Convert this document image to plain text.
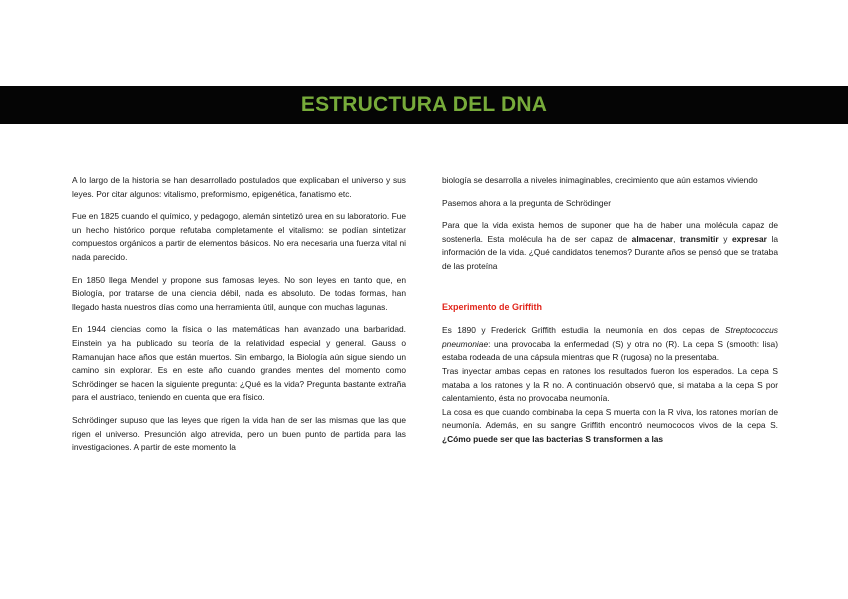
ESTRUCTURA DEL DNA

A lo largo de la historia se han desarrollado postulados que explicaban el universo y sus leyes. Por citar algunos: vitalismo, preformismo, epigenética, fanatismo etc.

Fue en 1825 cuando el químico, y pedagogo, alemán sintetizó urea en su laboratorio. Fue un hecho histórico porque refutaba completamente el vitalismo: se podían sintetizar compuestos orgánicos a partir de elementos básicos. No era necesaria una fuerza vital ni nada parecido.

En 1850 llega Mendel y propone sus famosas leyes. No son leyes en tanto que, en Biología, por tratarse de una ciencia débil, nada es absoluto. De todas formas, han llegado hasta nuestros días como una herramienta útil, aunque con muchas lagunas.

En 1944 ciencias como la física o las matemáticas han avanzado una barbaridad. Einstein ya ha publicado su teoría de la relatividad especial y general. Gauss o Ramanujan hace años que están muertos. Sin embargo, la Biología aún sigue siendo un camino sin explorar. Es en este año cuando grandes mentes del momento como Schrödinger se hacen la siguiente pregunta: ¿Qué es la vida? Pregunta bastante extraña para el austriaco, teniendo en cuenta que era físico.

Schrödinger supuso que las leyes que rigen la vida han de ser las mismas que las que rigen el universo. Presunción algo atrevida, pero un buen punto de partida para las investigaciones. A partir de este momento la

biología se desarrolla a niveles inimaginables, crecimiento que aún estamos viviendo

Pasemos ahora a la pregunta de Schrödinger

Para que la vida exista hemos de suponer que ha de haber una molécula capaz de sostenerla. Esta molécula ha de ser capaz de almacenar, transmitir y expresar la información de la vida. ¿Qué candidatos tenemos? Durante años se pensó que se trataba de las proteína

Experimento de Griffith

Es 1890 y Frederick Griffith estudia la neumonía en dos cepas de Streptococcus pneumoniae: una provocaba la enfermedad (S) y otra no (R). La cepa S (smooth: lisa) estaba rodeada de una cápsula mientras que R (rugosa) no la presentaba.

Tras inyectar ambas cepas en ratones los resultados fueron los esperados. La cepa S mataba a los ratones y la R no. A continuación observó que, si mataba a la cepa S por calentamiento, ésta no provocaba neumonía.

La cosa es que cuando combinaba la cepa S muerta con la R viva, los ratones morían de neumonía. Además, en su sangre Griffith encontró neumococos vivos de la cepa S. ¿Cómo puede ser que las bacterias S transformen a las
